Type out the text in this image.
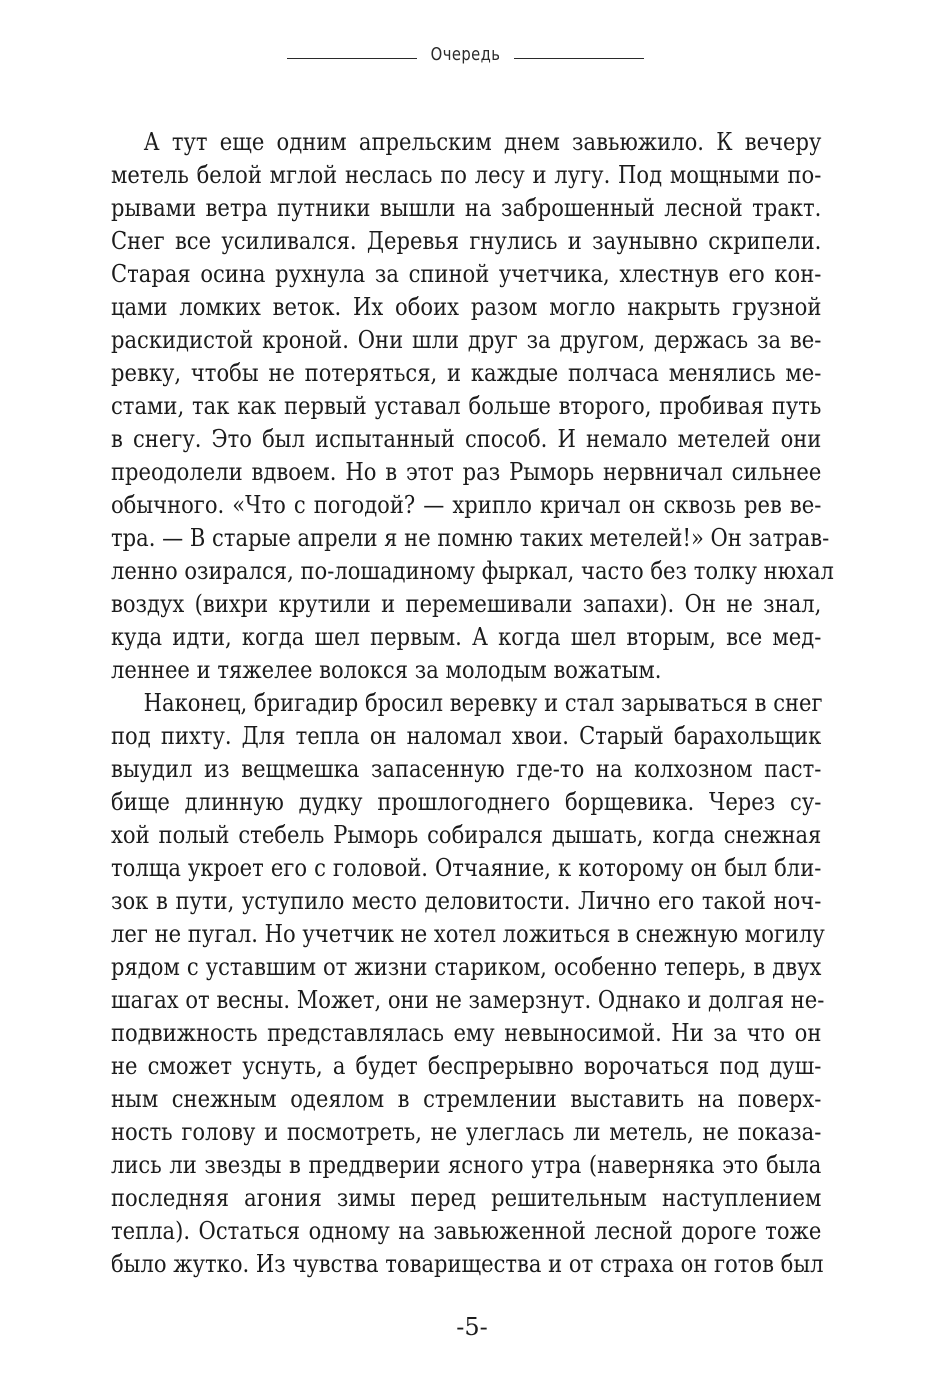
Очередь
А тут еще одним апрельским днем завьюжило. К вечеру
метель белой мглой неслась по лесу и лугу. Под мощными по-
рывами ветра путники вышли на заброшенный лесной тракт.
Снег все усиливался. Деревья гнулись и заунывно скрипели.
Старая осина рухнула за спиной учетчика, хлестнув его кон-
цами ломких веток. Их обоих разом могло накрыть грузной
раскидистой кроной. Они шли друг за другом, держась за ве-
ревку, чтобы не потеряться, и каждые полчаса менялись ме-
стами, так как первый уставал больше второго, пробивая путь
в снегу. Это был испытанный способ. И немало метелей они
преодолели вдвоем. Но в этот раз Рыморь нервничал сильнее
обычного. «Что с погодой? — хрипло кричал он сквозь рев ве-
тра. — В старые апрели я не помню таких метелей!» Он затрав-
ленно озирался, по-лошадиному фыркал, часто без толку нюхал
воздух (вихри крутили и перемешивали запахи). Он не знал,
куда идти, когда шел первым. А когда шел вторым, все мед-
леннее и тяжелее волокся за молодым вожатым.
Наконец, бригадир бросил веревку и стал зарываться в снег
под пихту. Для тепла он наломал хвои. Старый барахольщик
выудил из вещмешка запасенную где-то на колхозном паст-
бище длинную дудку прошлогоднего борщевика. Через су-
хой полый стебель Рыморь собирался дышать, когда снежная
толща укроет его с головой. Отчаяние, к которому он был бли-
зок в пути, уступило место деловитости. Лично его такой ноч-
лег не пугал. Но учетчик не хотел ложиться в снежную могилу
рядом с уставшим от жизни стариком, особенно теперь, в двух
шагах от весны. Может, они не замерзнут. Однако и долгая не-
подвижность представлялась ему невыносимой. Ни за что он
не сможет уснуть, а будет беспрерывно ворочаться под душ-
ным снежным одеялом в стремлении выставить на поверх-
ность голову и посмотреть, не улеглась ли метель, не показа-
лись ли звезды в преддверии ясного утра (наверняка это была
последняя агония зимы перед решительным наступлением
тепла). Остаться одному на завьюженной лесной дороге тоже
было жутко. Из чувства товарищества и от страха он готов был
-5-
